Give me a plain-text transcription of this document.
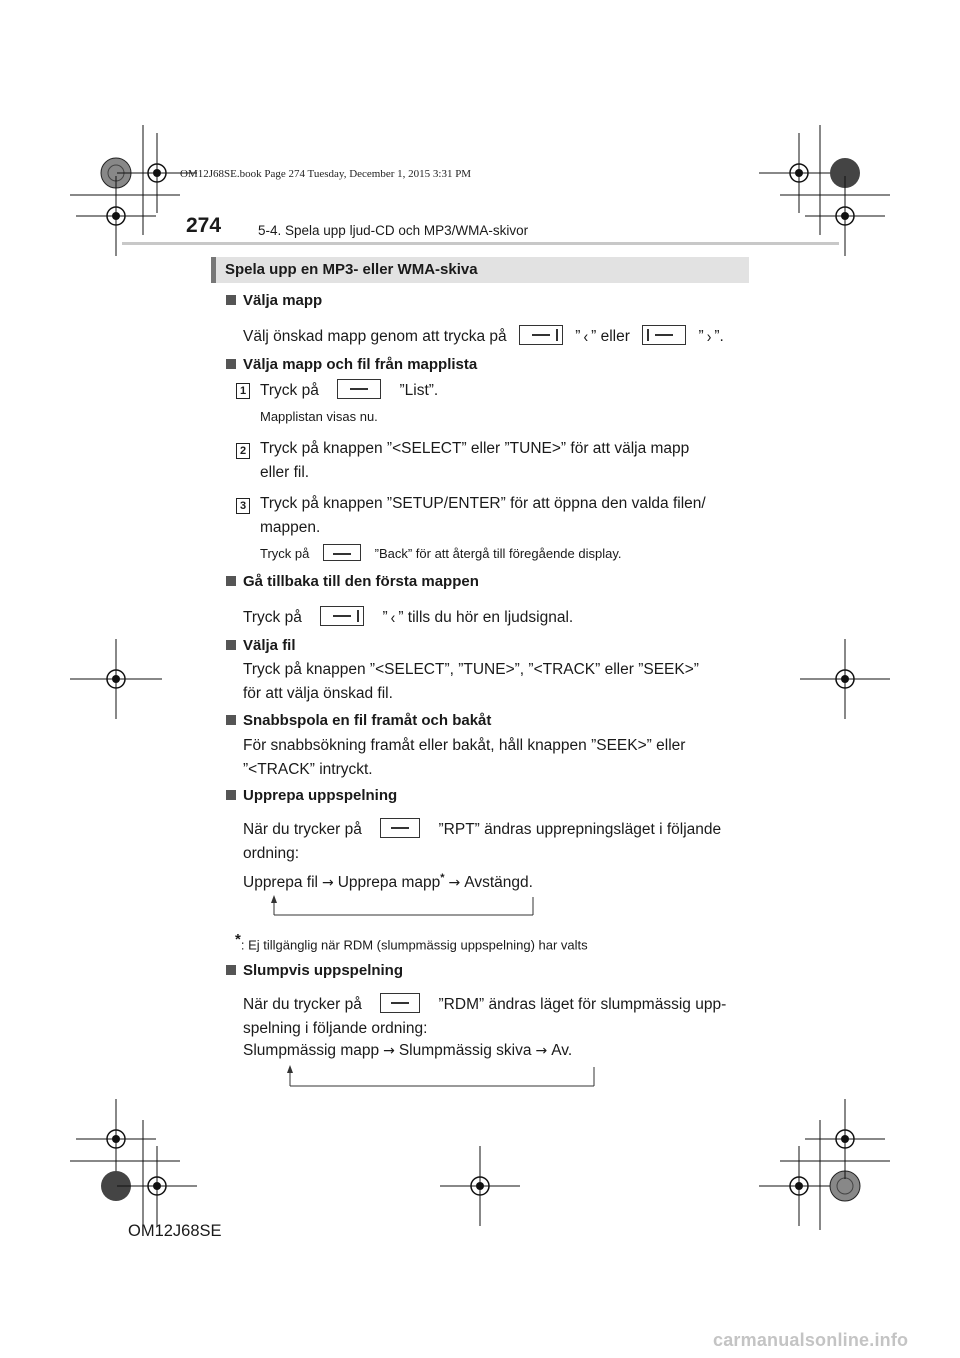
OM12J68SE.book Page 274 Tuesday, December 1, 2015 3:31 PM
274	5-4. Spela upp ljud-CD och MP3/WMA-skivor
Spela upp en MP3- eller WMA-skiva
Välja mapp
Välj önskad mapp genom att trycka på	” ‹ ” eller	” › ”.
Välja mapp och fil från mapplista
1 Tryck på	”List”.
Mapplistan visas nu.
2 Tryck på knappen ”<SELECT” eller ”TUNE>” för att välja mapp
eller fil.
3 Tryck på knappen ”SETUP/ENTER” för att öppna den valda filen/
mappen.
Tryck på	”Back” för att återgå till föregående display.
Gå tillbaka till den första mappen
Tryck på	” ‹ ” tills du hör en ljudsignal.
Välja fil
Tryck på knappen ”<SELECT”, ”TUNE>”, ”<TRACK” eller ”SEEK>”
för att välja önskad fil.
Snabbspola en fil framåt och bakåt
För snabbsökning framåt eller bakåt, håll knappen ”SEEK>” eller
”<TRACK” intryckt.
Upprepa uppspelning
När du trycker på	”RPT” ändras upprepningsläget i följande
ordning:
Upprepa fil → Upprepa mapp* → Avstängd.
*: Ej tillgänglig när RDM (slumpmässig uppspelning) har valts
Slumpvis uppspelning
När du trycker på	”RDM” ändras läget för slumpmässig upp-
spelning i följande ordning:
Slumpmässig mapp → Slumpmässig skiva → Av.
OM12J68SE
carmanualsonline.info
